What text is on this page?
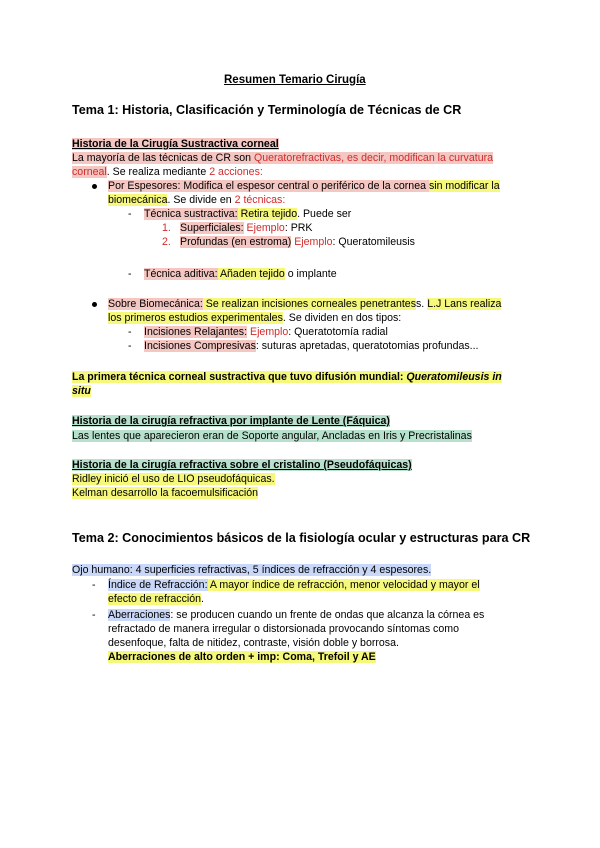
Resumen Temario Cirugía
Tema 1: Historia, Clasificación y Terminología de Técnicas de CR
Historia de la Cirugía Sustractiva corneal
La mayoría de las técnicas de CR son Queratorefractivas, es decir, modifican la curvatura
corneal. Se realiza mediante 2 acciones:
Por Espesores: Modifica el espesor central o periférico de la cornea sin modificar la
biomecánica. Se divide en 2 técnicas:
- Técnica sustractiva: Retira tejido. Puede ser
1. Superficiales: Ejemplo: PRK
2. Profundas (en estroma) Ejemplo: Queratomileusis
- Técnica aditiva: Añaden tejido o implante
Sobre Biomecánica: Se realizan incisiones corneales penetrantess. L.J Lans realiza
los primeros estudios experimentales. Se dividen en dos tipos:
- Incisiones Relajantes: Ejemplo: Queratotomía radial
- Incisiones Compresivas: suturas apretadas, queratotomias profundas...
La primera técnica corneal sustractiva que tuvo difusión mundial: Queratomileusis in
situ
Historia de la cirugía refractiva por implante de Lente (Fáquica)
Las lentes que aparecieron eran de Soporte angular, Ancladas en Iris y Precristalinas
Historia de la cirugía refractiva sobre el cristalino (Pseudofáquicas)
Ridley inició el uso de LIO pseudofáquicas.
Kelman desarrollo la facoemulsificación
Tema 2: Conocimientos básicos de la fisiología ocular y estructuras para CR
Ojo humano: 4 superficies refractivas, 5 índices de refracción y 4 espesores.
- Índice de Refracción: A mayor índice de refracción, menor velocidad y mayor el
efecto de refracción.
- Aberraciones: se producen cuando un frente de ondas que alcanza la córnea es
refractado de manera irregular o distorsionada provocando síntomas como
desenfoque, falta de nitidez, contraste, visión doble y borrosa.
Aberraciones de alto orden + imp: Coma, Trefoil y AE
